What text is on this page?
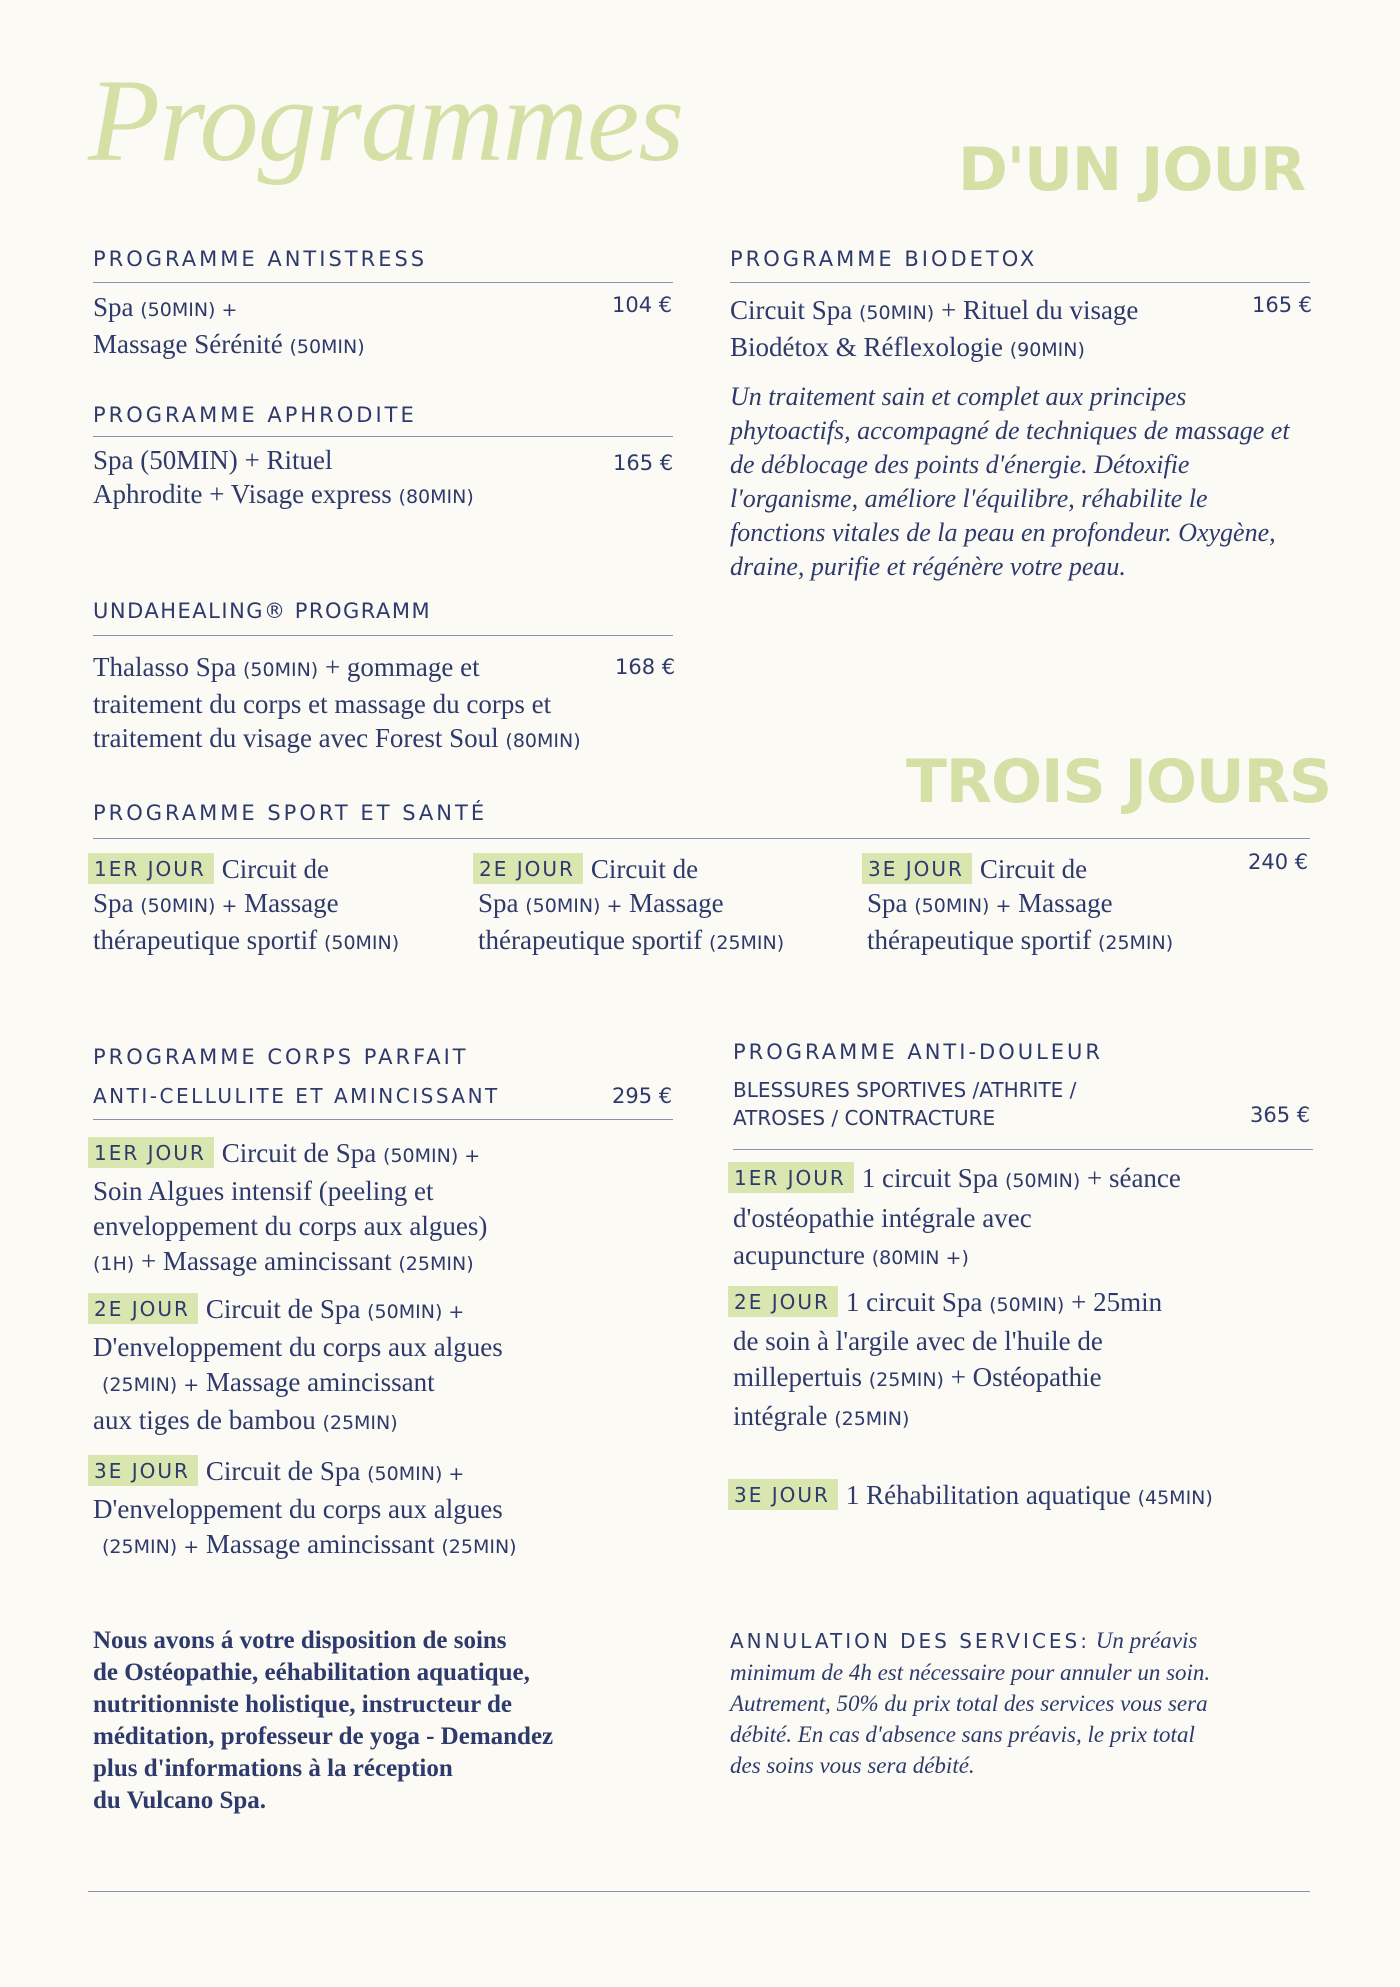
Programmes	D'UN JOUR
PROGRAMME ANTISTRESS
Spa (50MIN) +
Massage Sérénité (50MIN)
104 €
PROGRAMME APHRODITE
Spa (50MIN) + Rituel
Aphrodite + Visage express (80MIN)
165 €
PROGRAMME BIODETOX
Circuit Spa (50MIN) + Rituel du visage
Biodétox & Réflexologie (90MIN)
165 €
Un traitement sain et complet aux principes phytoactifs, accompagné de techniques de massage et de déblocage des points d'énergie. Détoxifie l'organisme, améliore l'équilibre, réhabilite le fonctions vitales de la peau en profondeur. Oxygène, draine, purifie et régénère votre peau.
UNDAHEALING® PROGRAMM
Thalasso Spa (50MIN) + gommage et
traitement du corps et massage du corps et
traitement du visage avec Forest Soul (80MIN)
168 €
TROIS JOURS
PROGRAMME SPORT ET SANTÉ
1ER JOUR Circuit de
Spa (50MIN) + Massage
thérapeutique sportif (50MIN)
2E JOUR Circuit de
Spa (50MIN) + Massage
thérapeutique sportif (25MIN)
3E JOUR Circuit de
Spa (50MIN) + Massage
thérapeutique sportif (25MIN)
240 €
PROGRAMME CORPS PARFAIT
ANTI-CELLULITE ET AMINCISSANT	295 €
1ER JOUR Circuit de Spa (50MIN) +
Soin Algues intensif (peeling et
enveloppement du corps aux algues)
(1H) + Massage amincissant (25MIN)
2E JOUR Circuit de Spa (50MIN) +
D'enveloppement du corps aux algues
(25MIN) + Massage amincissant
aux tiges de bambou (25MIN)
3E JOUR Circuit de Spa (50MIN) +
D'enveloppement du corps aux algues
(25MIN) + Massage amincissant (25MIN)
PROGRAMME ANTI-DOULEUR
BLESSURES SPORTIVES /ATHRITE /
ATROSES / CONTRACTURE	365 €
1ER JOUR 1 circuit Spa (50MIN) + séance
d'ostéopathie intégrale avec
acupuncture (80MIN +)
2E JOUR 1 circuit Spa (50MIN) + 25min
de soin à l'argile avec de l'huile de
millepertuis (25MIN) + Ostéopathie
intégrale (25MIN)
3E JOUR 1 Réhabilitation aquatique (45MIN)
Nous avons á votre disposition de soins
de Ostéopathie, eéhabilitation aquatique,
nutritionniste holistique, instructeur de
méditation, professeur de yoga - Demandez
plus d'informations à la réception
du Vulcano Spa.
ANNULATION DES SERVICES: Un préavis
minimum de 4h est nécessaire pour annuler un soin.
Autrement, 50% du prix total des services vous sera
débité. En cas d'absence sans préavis, le prix total
des soins vous sera débité.
